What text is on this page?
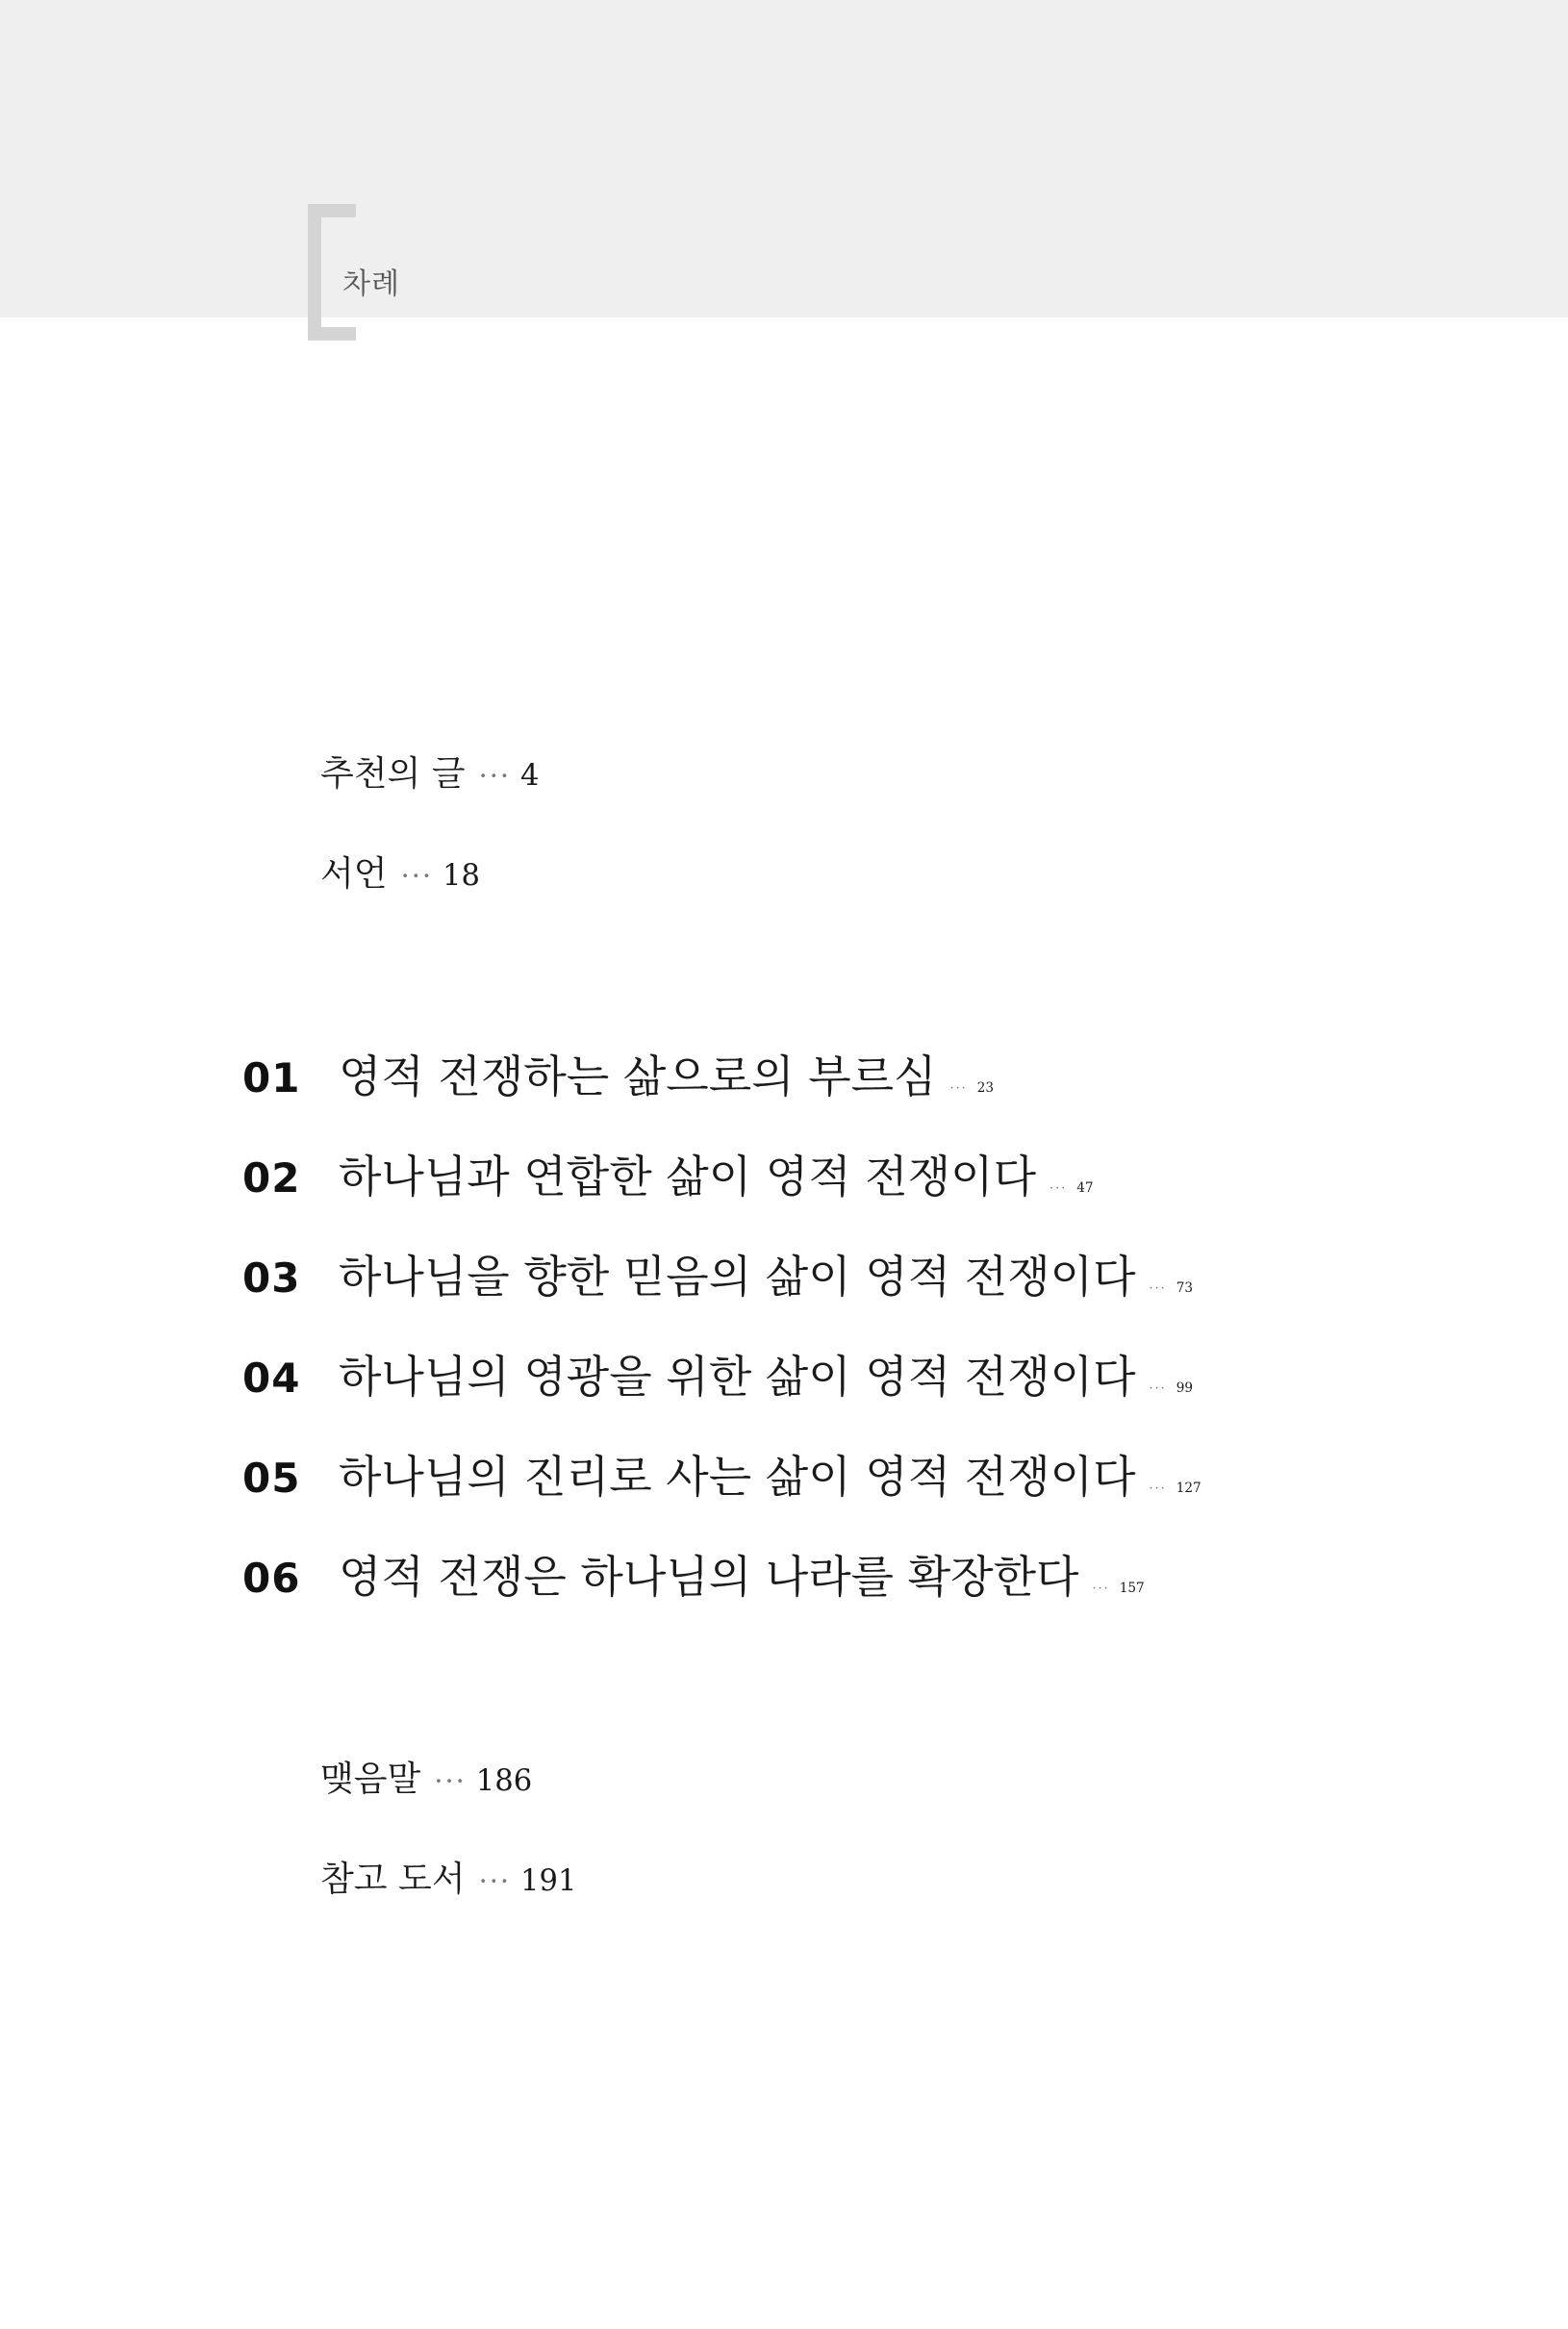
차례
추천의 글 ··· 4
서언 ··· 18
01 영적 전쟁하는 삶으로의 부르심 ··· 23
02 하나님과 연합한 삶이 영적 전쟁이다 ··· 47
03 하나님을 향한 믿음의 삶이 영적 전쟁이다 ··· 73
04 하나님의 영광을 위한 삶이 영적 전쟁이다 ··· 99
05 하나님의 진리로 사는 삶이 영적 전쟁이다 ··· 127
06 영적 전쟁은 하나님의 나라를 확장한다 ··· 157
맺음말 ··· 186
참고 도서 ··· 191
